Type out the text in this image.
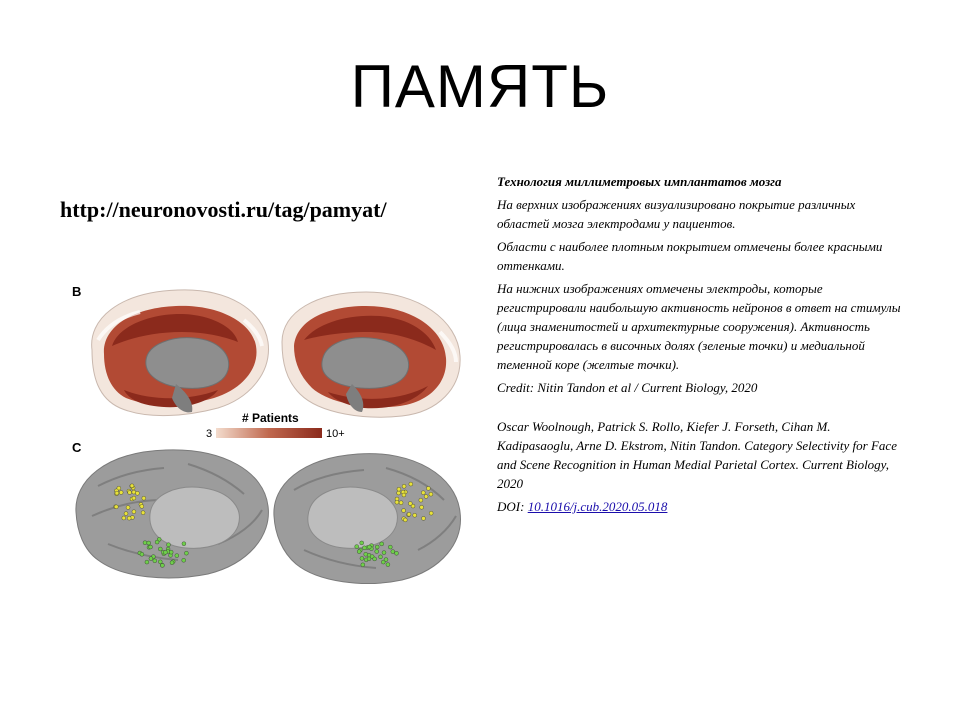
ПАМЯТЬ

http://neuronovosti.ru/tag/pamyat/

B
# Patients
3	10+
C

Технология миллиметровых имплантатов мозга

На верхних изображениях визуализировано покрытие различных областей мозга электродами у пациентов.

Области с наиболее плотным покрытием отмечены более красными оттенками.

На нижних изображениях отмечены электроды, которые регистрировали наибольшую активность нейронов в ответ на стимулы (лица знаменитостей и архитектурные сооружения). Активность регистрировалась в височных долях (зеленые точки) и медиальной теменной коре (желтые точки).

Credit: Nitin Tandon et al / Current Biology, 2020

Oscar Woolnough, Patrick S. Rollo, Kiefer J. Forseth, Cihan M. Kadipasaoglu, Arne D. Ekstrom, Nitin Tandon. Category Selectivity for Face and Scene Recognition in Human Medial Parietal Cortex. Current Biology, 2020

DOI: 10.1016/j.cub.2020.05.018
